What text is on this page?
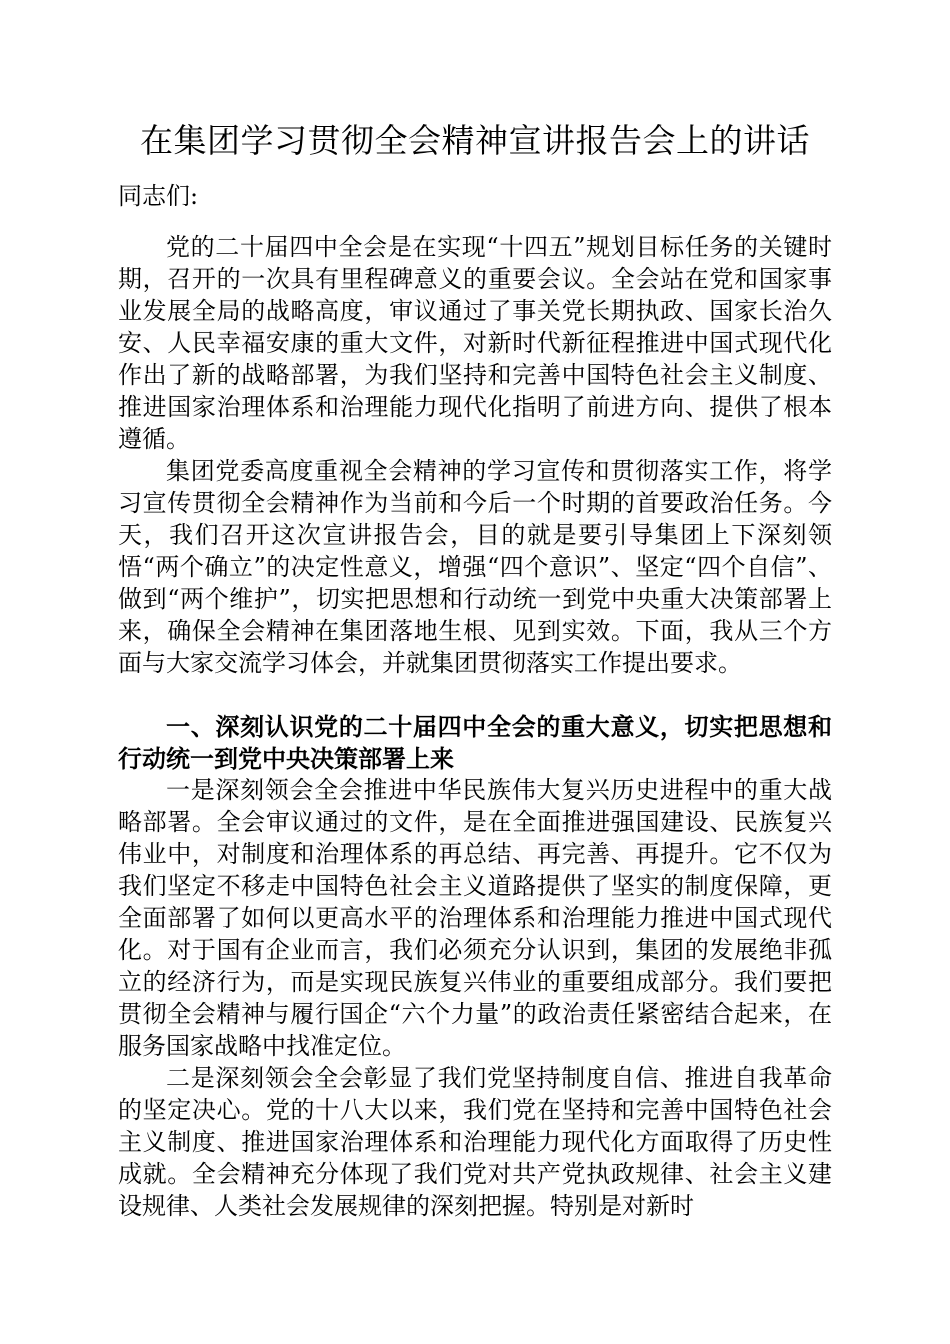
在集团学习贯彻全会精神宣讲报告会上的讲话
同志们:

党的二十届四中全会是在实现“十四五”规划目标任务的关键时期，召开的一次具有里程碑意义的重要会议。全会站在党和国家事业发展全局的战略高度，审议通过了事关党长期执政、国家长治久安、人民幸福安康的重大文件，对新时代新征程推进中国式现代化作出了新的战略部署，为我们坚持和完善中国特色社会主义制度、推进国家治理体系和治理能力现代化指明了前进方向、提供了根本遵循。

集团党委高度重视全会精神的学习宣传和贯彻落实工作，将学习宣传贯彻全会精神作为当前和今后一个时期的首要政治任务。今天，我们召开这次宣讲报告会，目的就是要引导集团上下深刻领悟“两个确立”的决定性意义，增强“四个意识”、坚定“四个自信”、做到“两个维护”，切实把思想和行动统一到党中央重大决策部署上来，确保全会精神在集团落地生根、见到实效。下面，我从三个方面与大家交流学习体会，并就集团贯彻落实工作提出要求。

一、深刻认识党的二十届四中全会的重大意义，切实把思想和行动统一到党中央决策部署上来

一是深刻领会全会推进中华民族伟大复兴历史进程中的重大战略部署。全会审议通过的文件，是在全面推进强国建设、民族复兴伟业中，对制度和治理体系的再总结、再完善、再提升。它不仅为我们坚定不移走中国特色社会主义道路提供了坚实的制度保障，更全面部署了如何以更高水平的治理体系和治理能力推进中国式现代化。对于国有企业而言，我们必须充分认识到，集团的发展绝非孤立的经济行为，而是实现民族复兴伟业的重要组成部分。我们要把贯彻全会精神与履行国企“六个力量”的政治责任紧密结合起来，在服务国家战略中找准定位。

二是深刻领会全会彰显了我们党坚持制度自信、推进自我革命的坚定决心。党的十八大以来，我们党在坚持和完善中国特色社会主义制度、推进国家治理体系和治理能力现代化方面取得了历史性成就。全会精神充分体现了我们党对共产党执政规律、社会主义建设规律、人类社会发展规律的深刻把握。特别是对新时
